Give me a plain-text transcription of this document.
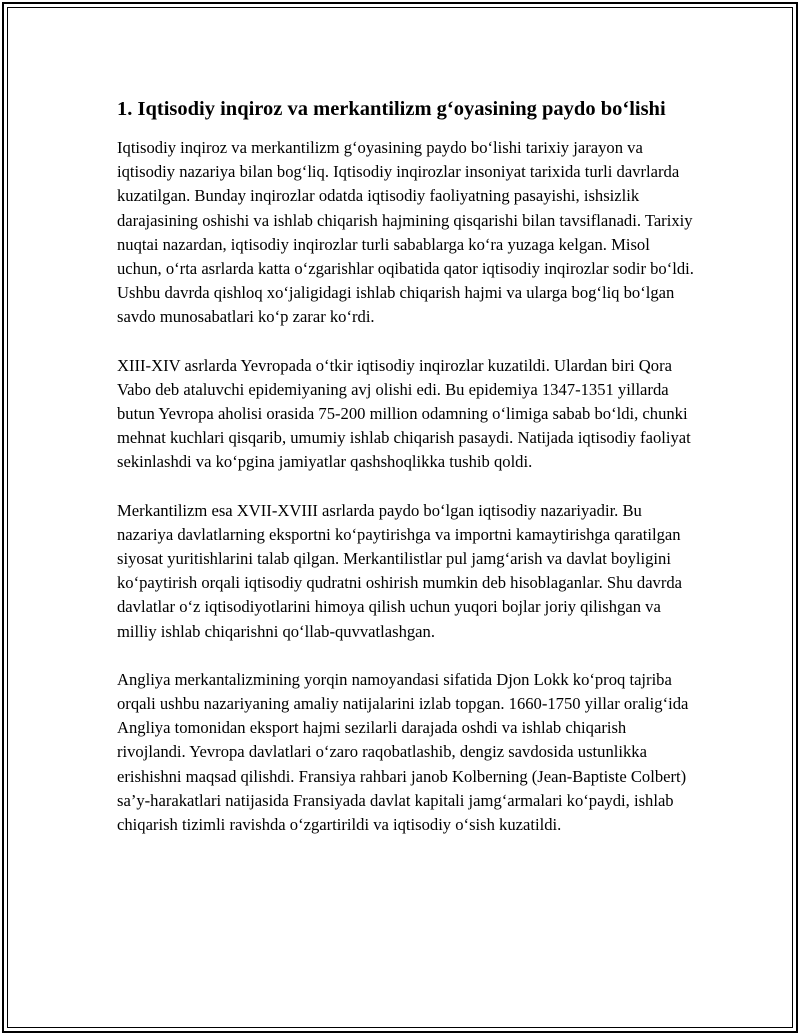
1. Iqtisodiy inqiroz va merkantilizm g‘oyasining paydo bo‘lishi

Iqtisodiy inqiroz va merkantilizm g‘oyasining paydo bo‘lishi tarixiy jarayon va iqtisodiy nazariya bilan bog‘liq. Iqtisodiy inqirozlar insoniyat tarixida turli davrlarda kuzatilgan. Bunday inqirozlar odatda iqtisodiy faoliyatning pasayishi, ishsizlik darajasining oshishi va ishlab chiqarish hajmining qisqarishi bilan tavsiflanadi. Tarixiy nuqtai nazardan, iqtisodiy inqirozlar turli sabablarga ko‘ra yuzaga kelgan. Misol uchun, o‘rta asrlarda katta o‘zgarishlar oqibatida qator iqtisodiy inqirozlar sodir bo‘ldi. Ushbu davrda qishloq xo‘jaligidagi ishlab chiqarish hajmi va ularga bog‘liq bo‘lgan savdo munosabatlari ko‘p zarar ko‘rdi.

XIII-XIV asrlarda Yevropada o‘tkir iqtisodiy inqirozlar kuzatildi. Ulardan biri Qora Vabo deb ataluvchi epidemiyaning avj olishi edi. Bu epidemiya 1347-1351 yillarda butun Yevropa aholisi orasida 75-200 million odamning o‘limiga sabab bo‘ldi, chunki mehnat kuchlari qisqarib, umumiy ishlab chiqarish pasaydi. Natijada iqtisodiy faoliyat sekinlashdi va ko‘pgina jamiyatlar qashshoqlikka tushib qoldi.

Merkantilizm esa XVII-XVIII asrlarda paydo bo‘lgan iqtisodiy nazariyadir. Bu nazariya davlatlarning eksportni ko‘paytirishga va importni kamaytirishga qaratilgan siyosat yuritishlarini talab qilgan. Merkantilistlar pul jamg‘arish va davlat boyligini ko‘paytirish orqali iqtisodiy qudratni oshirish mumkin deb hisoblaganlar. Shu davrda davlatlar o‘z iqtisodiyotlarini himoya qilish uchun yuqori bojlar joriy qilishgan va milliy ishlab chiqarishni qo‘llab-quvvatlashgan.

Angliya merkantalizmining yorqin namoyandasi sifatida Djon Lokk ko‘proq tajriba orqali ushbu nazariyaning amaliy natijalarini izlab topgan. 1660-1750 yillar oralig‘ida Angliya tomonidan eksport hajmi sezilarli darajada oshdi va ishlab chiqarish rivojlandi. Yevropa davlatlari o‘zaro raqobatlashib, dengiz savdosida ustunlikka erishishni maqsad qilishdi. Fransiya rahbari janob Kolberning (Jean-Baptiste Colbert) sa’y-harakatlari natijasida Fransiyada davlat kapitali jamg‘armalari ko‘paydi, ishlab chiqarish tizimli ravishda o‘zgartirildi va iqtisodiy o‘sish kuzatildi.
